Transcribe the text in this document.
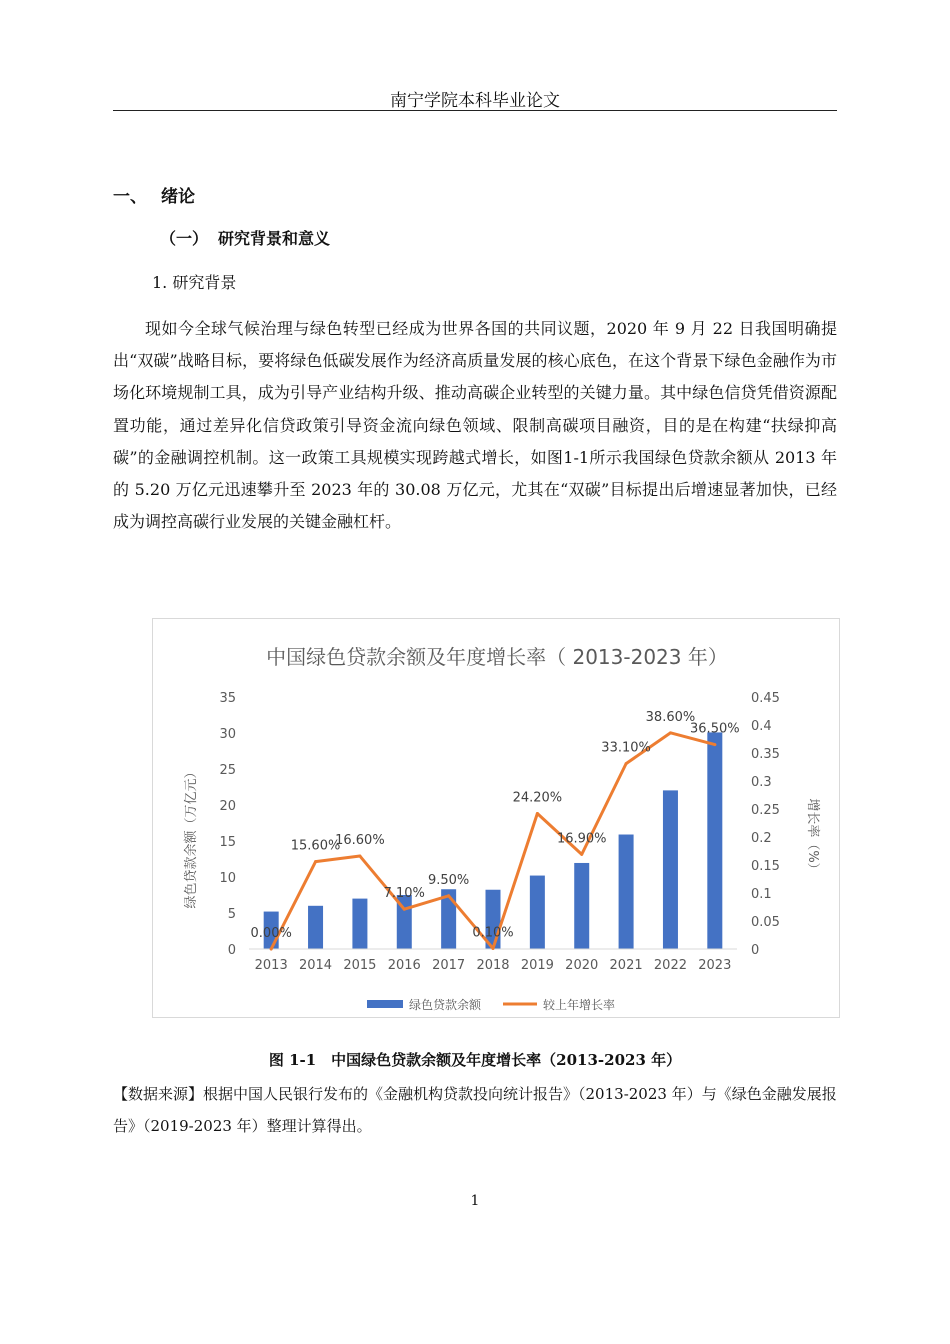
南宁学院本科毕业论文
一、 绪论
（一） 研究背景和意义
1. 研究背景

现如今全球气候治理与绿色转型已经成为世界各国的共同议题，2020 年 9 月 22 日我国明确提出“双碳”战略目标，要将绿色低碳发展作为经济高质量发展的核心底色，在这个背景下绿色金融作为市场化环境规制工具，成为引导产业结构升级、推动高碳企业转型的关键力量。其中绿色信贷凭借资源配置功能，通过差异化信贷政策引导资金流向绿色领域、限制高碳项目融资，目的是在构建“扶绿抑高碳”的金融调控机制。这一政策工具规模实现跨越式增长，如图1-1所示我国绿色贷款余额从 2013 年的 5.20 万亿元迅速攀升至 2023 年的 30.08 万亿元，尤其在“双碳”目标提出后增速显著加快，已经成为调控高碳行业发展的关键金融杠杆。

中国绿色贷款余额及年度增长率（ 2013-2023 年）
0
5
10
15
20
25
30
35
0
0.05
0.1
0.15
0.2
0.25
0.3
0.35
0.4
0.45
0.00%
15.60%
16.60%
7.10%
9.50%
0.10%
24.20%
16.90%
33.10%
38.60%
36.50%
2013 2014 2015 2016 2017 2018 2019 2020 2021 2022 2023
绿色贷款余额（万亿元）	增长率（%）
绿色贷款余额	较上年增长率
图 1-1　中国绿色贷款余额及年度增长率（2013-2023 年）

【数据来源】根据中国人民银行发布的《金融机构贷款投向统计报告》（2013-2023 年）与《绿色金融发展报告》（2019-2023 年）整理计算得出。

1
